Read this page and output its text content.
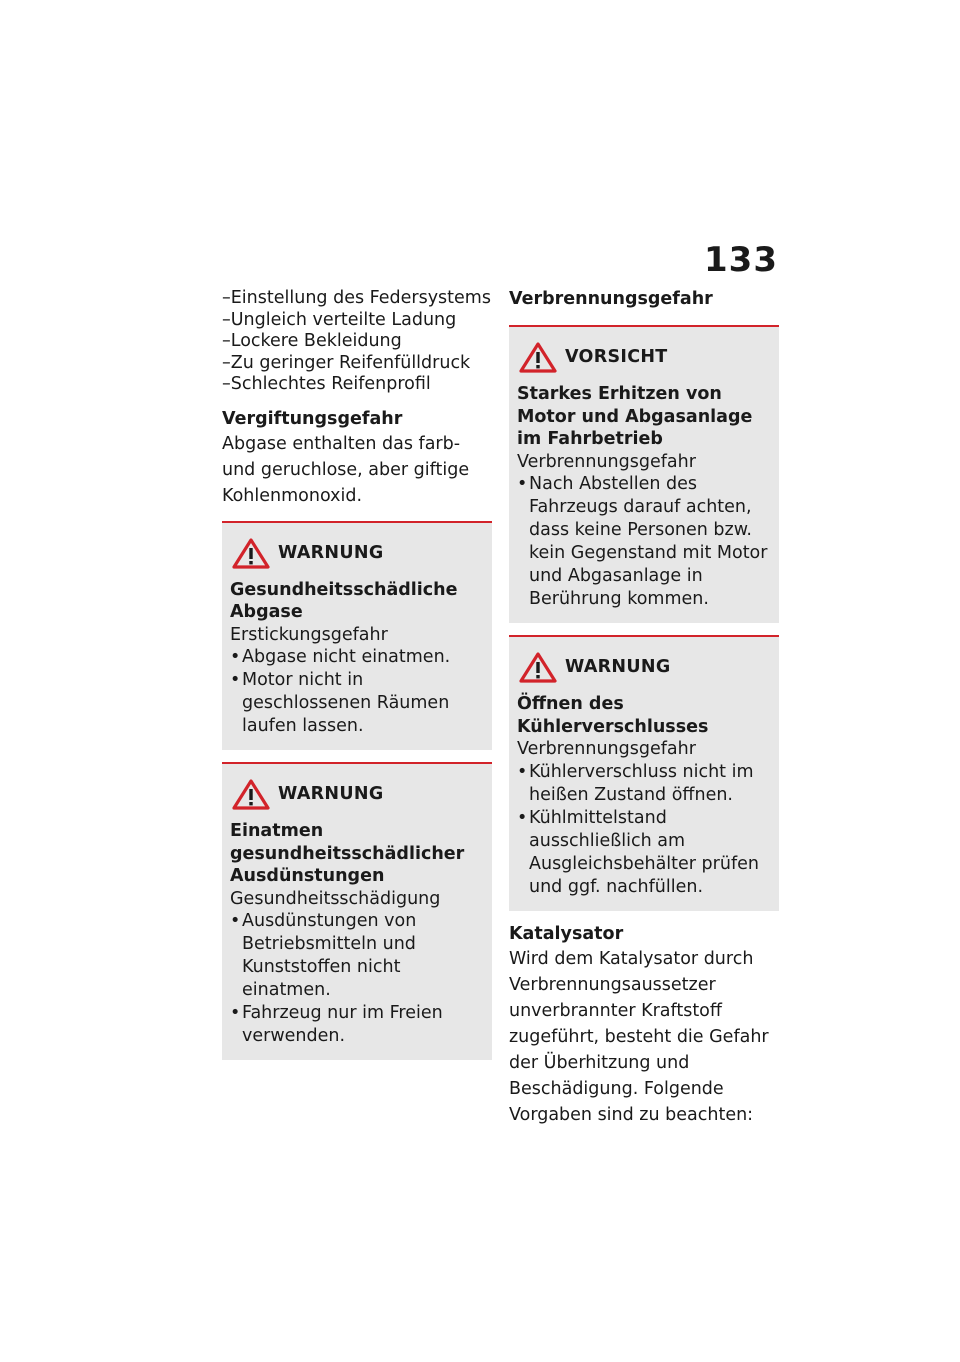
133
– Einstellung des Federsystems
– Ungleich verteilte Ladung
– Lockere Bekleidung
– Zu geringer Reifenfülldruck
– Schlechtes Reifenprofil
Vergiftungsgefahr
Abgase enthalten das farb- und geruchlose, aber giftige Kohlenmonoxid.
WARNUNG
Gesundheitsschädliche Abgase
Erstickungsgefahr
• Abgase nicht einatmen.
• Motor nicht in geschlossenen Räumen laufen lassen.
WARNUNG
Einatmen gesundheitsschädlicher Ausdünstungen
Gesundheitsschädigung
• Ausdünstungen von Betriebsmitteln und Kunststoffen nicht einatmen.
• Fahrzeug nur im Freien verwenden.
Verbrennungsgefahr
VORSICHT
Starkes Erhitzen von Motor und Abgasanlage im Fahrbetrieb
Verbrennungsgefahr
• Nach Abstellen des Fahrzeugs darauf achten, dass keine Personen bzw. kein Gegenstand mit Motor und Abgasanlage in Berührung kommen.
WARNUNG
Öffnen des Kühlerverschlusses
Verbrennungsgefahr
• Kühlerverschluss nicht im heißen Zustand öffnen.
• Kühlmittelstand ausschließlich am Ausgleichsbehälter prüfen und ggf. nachfüllen.
Katalysator
Wird dem Katalysator durch Verbrennungsaussetzer unverbrannter Kraftstoff zugeführt, besteht die Gefahr der Überhitzung und Beschädigung. Folgende Vorgaben sind zu beachten:
